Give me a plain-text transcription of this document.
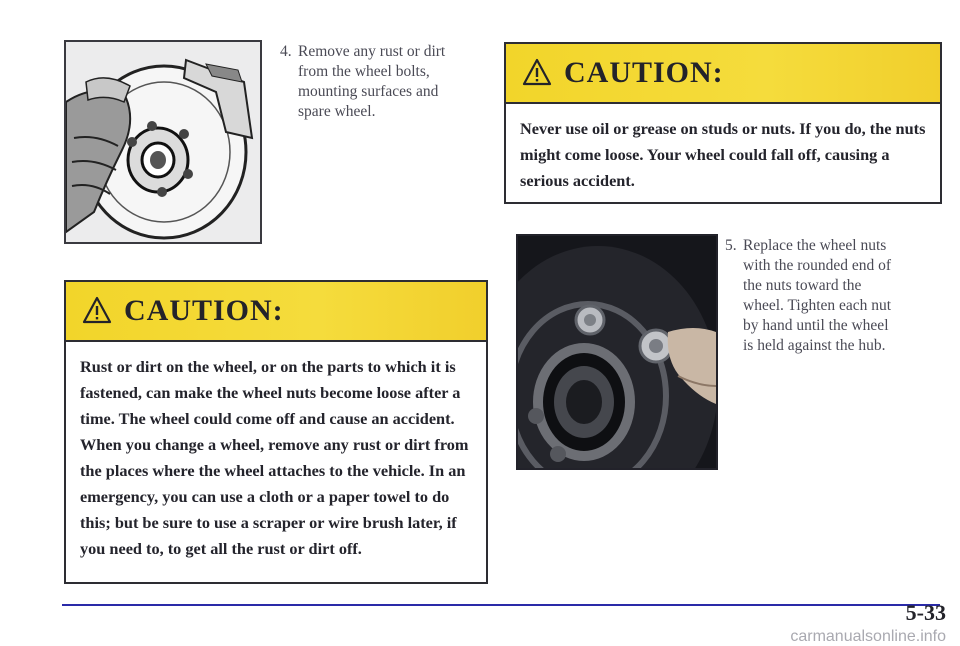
4. Remove any rust or dirt
from the wheel bolts,
mounting surfaces and
spare wheel.
CAUTION:
Never use oil or grease on studs or nuts. If you do, the nuts might come loose. Your wheel could fall off, causing a serious accident.
CAUTION:
Rust or dirt on the wheel, or on the parts to which it is fastened, can make the wheel nuts become loose after a time. The wheel could come off and cause an accident. When you change a wheel, remove any rust or dirt from the places where the wheel attaches to the vehicle. In an emergency, you can use a cloth or a paper towel to do this; but be sure to use a scraper or wire brush later, if you need to, to get all the rust or dirt off.
5. Replace the wheel nuts
with the rounded end of
the nuts toward the
wheel. Tighten each nut
by hand until the wheel
is held against the hub.
5-33
carmanualsonline.info
